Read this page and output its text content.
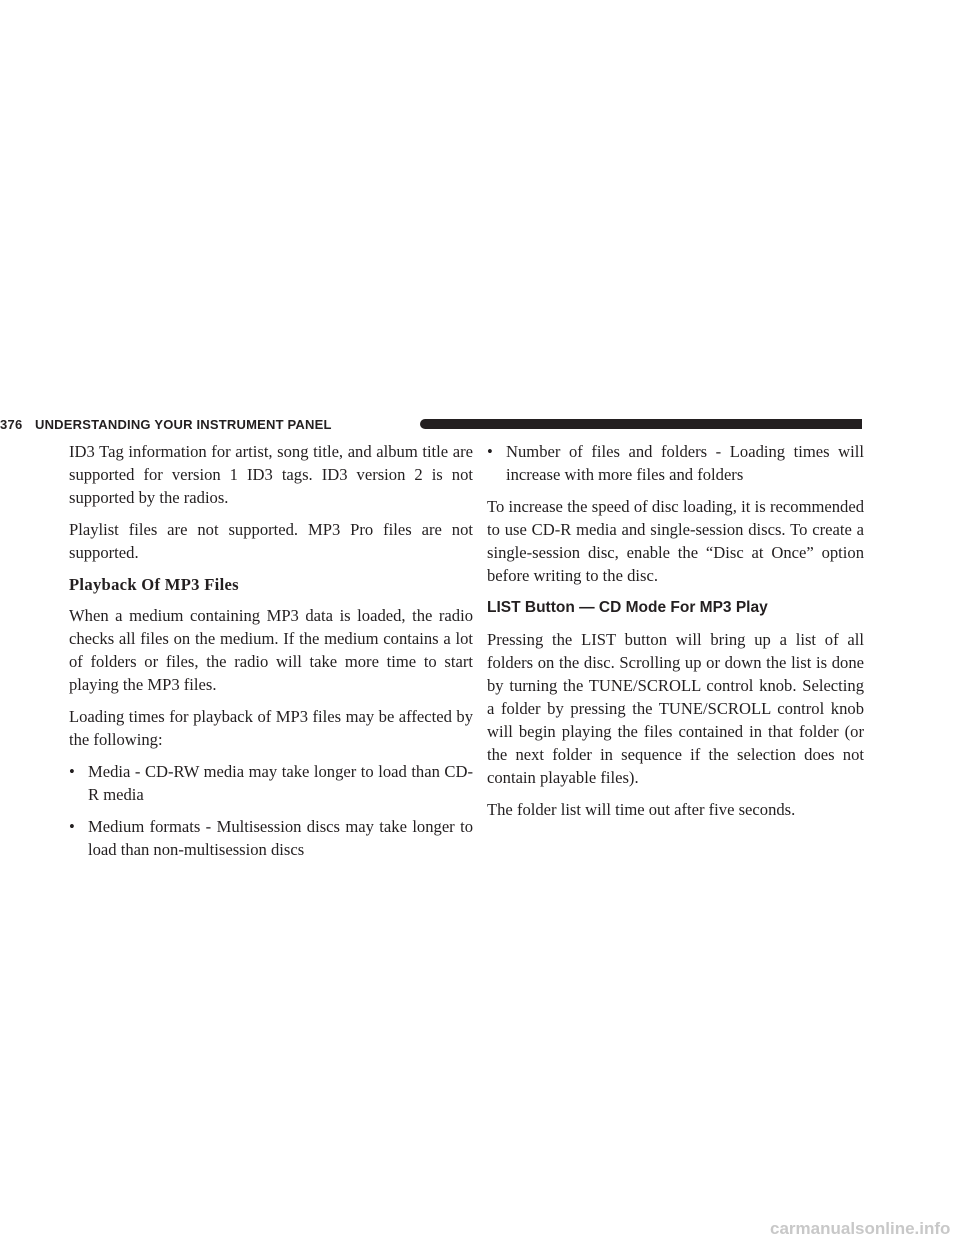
376 UNDERSTANDING YOUR INSTRUMENT PANEL

ID3 Tag information for artist, song title, and album title are supported for version 1 ID3 tags. ID3 version 2 is not supported by the radios.

Playlist files are not supported. MP3 Pro files are not supported.

Playback Of MP3 Files

When a medium containing MP3 data is loaded, the radio checks all files on the medium. If the medium contains a lot of folders or files, the radio will take more time to start playing the MP3 files.

Loading times for playback of MP3 files may be affected by the following:

• Media - CD-RW media may take longer to load than CD-R media
• Medium formats - Multisession discs may take longer to load than non-multisession discs
• Number of files and folders - Loading times will increase with more files and folders

To increase the speed of disc loading, it is recommended to use CD-R media and single-session discs. To create a single-session disc, enable the “Disc at Once” option before writing to the disc.

LIST Button — CD Mode For MP3 Play

Pressing the LIST button will bring up a list of all folders on the disc. Scrolling up or down the list is done by turning the TUNE/SCROLL control knob. Selecting a folder by pressing the TUNE/SCROLL control knob will begin playing the files contained in that folder (or the next folder in sequence if the selection does not contain playable files).

The folder list will time out after five seconds.

carmanualsonline.info
